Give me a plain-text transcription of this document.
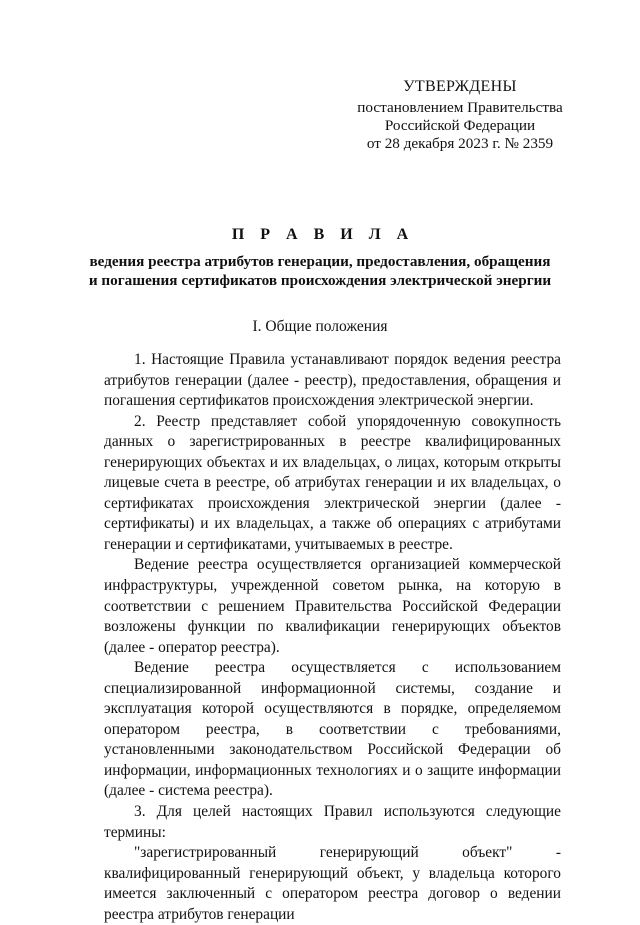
УТВЕРЖДЕНЫ
постановлением Правительства
Российской Федерации
от 28 декабря 2023 г. № 2359
П Р А В И Л А
ведения реестра атрибутов генерации, предоставления, обращения
и погашения сертификатов происхождения электрической энергии
I. Общие положения

1. Настоящие Правила устанавливают порядок ведения реестра атрибутов генерации (далее - реестр), предоставления, обращения и погашения сертификатов происхождения электрической энергии.

2. Реестр представляет собой упорядоченную совокупность данных о зарегистрированных в реестре квалифицированных генерирующих объектах и их владельцах, о лицах, которым открыты лицевые счета в реестре, об атрибутах генерации и их владельцах, о сертификатах происхождения электрической энергии (далее - сертификаты) и их владельцах, а также об операциях с атрибутами генерации и сертификатами, учитываемых в реестре.

Ведение реестра осуществляется организацией коммерческой инфраструктуры, учрежденной советом рынка, на которую в соответствии с решением Правительства Российской Федерации возложены функции по квалификации генерирующих объектов (далее - оператор реестра).

Ведение реестра осуществляется с использованием специализированной информационной системы, создание и эксплуатация которой осуществляются в порядке, определяемом оператором реестра, в соответствии с требованиями, установленными законодательством Российской Федерации об информации, информационных технологиях и о защите информации (далее - система реестра).

3. Для целей настоящих Правил используются следующие термины:

"зарегистрированный генерирующий объект" - квалифицированный генерирующий объект, у владельца которого имеется заключенный с оператором реестра договор о ведении реестра атрибутов генерации
